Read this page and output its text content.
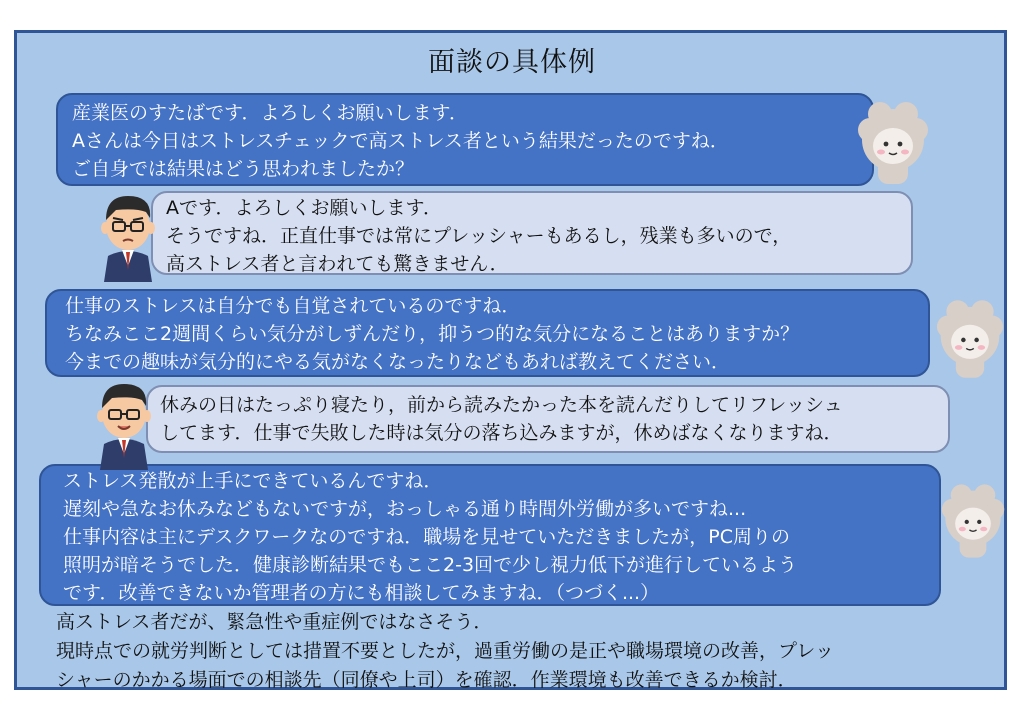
面談の具体例
産業医のすたばです．よろしくお願いします．
Aさんは今日はストレスチェックで高ストレス者という結果だったのですね．
ご自身では結果はどう思われましたか？
Aです．よろしくお願いします．
そうですね．正直仕事では常にプレッシャーもあるし，残業も多いので，
高ストレス者と言われても驚きません．
仕事のストレスは自分でも自覚されているのですね．
ちなみここ2週間くらい気分がしずんだり，抑うつ的な気分になることはありますか？
今までの趣味が気分的にやる気がなくなったりなどもあれば教えてください．
休みの日はたっぷり寝たり，前から読みたかった本を読んだりしてリフレッシュ
してます．仕事で失敗した時は気分の落ち込みますが，休めばなくなりますね．
ストレス発散が上手にできているんですね．
遅刻や急なお休みなどもないですが，おっしゃる通り時間外労働が多いですね...
仕事内容は主にデスクワークなのですね．職場を見せていただきましたが，PC周りの
照明が暗そうでした．健康診断結果でもここ2-3回で少し視力低下が進行しているよう
です．改善できないか管理者の方にも相談してみますね．（つづく...）
高ストレス者だが、緊急性や重症例ではなさそう．
現時点での就労判断としては措置不要としたが，過重労働の是正や職場環境の改善，プレッ
シャーのかかる場面での相談先（同僚や上司）を確認．作業環境も改善できるか検討．
